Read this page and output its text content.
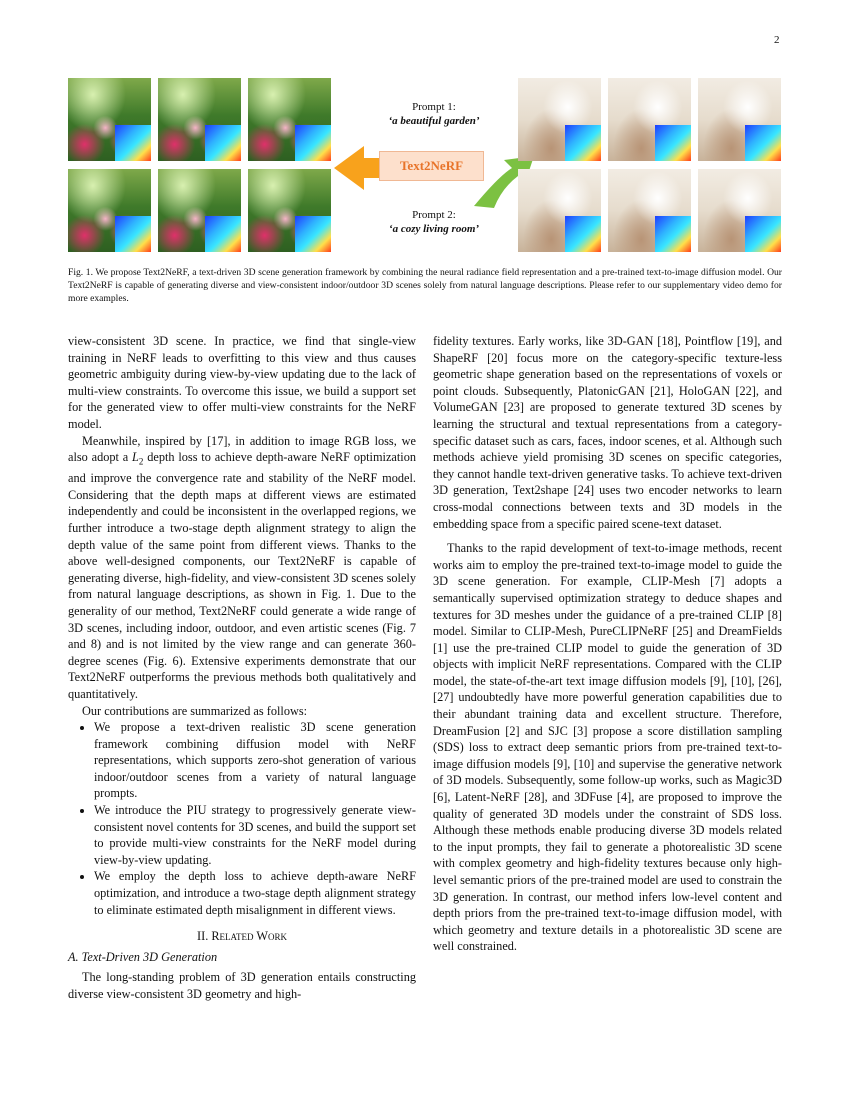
2
Prompt 1:
‘a beautiful garden’
Text2NeRF
Prompt 2:
‘a cozy living room’
Fig. 1. We propose Text2NeRF, a text-driven 3D scene generation framework by combining the neural radiance field representation and a pre-trained text-to-image diffusion model. Our Text2NeRF is capable of generating diverse and view-consistent indoor/outdoor 3D scenes solely from natural language descriptions. Please refer to our supplementary video demo for more examples.

view-consistent 3D scene. In practice, we find that single-view training in NeRF leads to overfitting to this view and thus causes geometric ambiguity during view-by-view updating due to the lack of multi-view constraints. To overcome this issue, we build a support set for the generated view to offer multi-view constraints for the NeRF model.

Meanwhile, inspired by [17], in addition to image RGB loss, we also adopt a $L_2$ depth loss to achieve depth-aware NeRF optimization and improve the convergence rate and stability of the NeRF model. Considering that the depth maps at different views are estimated independently and could be inconsistent in the overlapped regions, we further introduce a two-stage depth alignment strategy to align the depth value of the same point from different views. Thanks to the above well-designed components, our Text2NeRF is capable of generating diverse, high-fidelity, and view-consistent 3D scenes solely from natural language descriptions, as shown in Fig. 1. Due to the generality of our method, Text2NeRF could generate a wide range of 3D scenes, including indoor, outdoor, and even artistic scenes (Fig. 7 and 8) and is not limited by the view range and can generate 360-degree scenes (Fig. 6). Extensive experiments demonstrate that our Text2NeRF outperforms the previous methods both qualitatively and quantitatively.

Our contributions are summarized as follows:

• We propose a text-driven realistic 3D scene generation framework combining diffusion model with NeRF representations, which supports zero-shot generation of various indoor/outdoor scenes from a variety of natural language prompts.
• We introduce the PIU strategy to progressively generate view-consistent novel contents for 3D scenes, and build the support set to provide multi-view constraints for the NeRF model during view-by-view updating.
• We employ the depth loss to achieve depth-aware NeRF optimization, and introduce a two-stage depth alignment strategy to eliminate estimated depth misalignment in different views.
II. Related Work
A. Text-Driven 3D Generation

The long-standing problem of 3D generation entails constructing diverse view-consistent 3D geometry and high-

fidelity textures. Early works, like 3D-GAN [18], Pointflow [19], and ShapeRF [20] focus more on the category-specific texture-less geometric shape generation based on the representations of voxels or point clouds. Subsequently, PlatonicGAN [21], HoloGAN [22], and VolumeGAN [23] are proposed to generate textured 3D scenes by learning the structural and textual representations from a category-specific dataset such as cars, faces, indoor scenes, et al. Although such methods achieve yield promising 3D scenes on specific categories, they cannot handle text-driven generative tasks. To achieve text-driven 3D generation, Text2shape [24] uses two encoder networks to learn cross-modal connections between texts and 3D models in the embedding space from a specific paired scene-text dataset.

Thanks to the rapid development of text-to-image methods, recent works aim to employ the pre-trained text-to-image model to guide the 3D scene generation. For example, CLIP-Mesh [7] adopts a semantically supervised optimization strategy to deduce shapes and textures for 3D meshes under the guidance of a pre-trained CLIP [8] model. Similar to CLIP-Mesh, PureCLIPNeRF [25] and DreamFields [1] use the pre-trained CLIP model to guide the generation of 3D objects with implicit NeRF representations. Compared with the CLIP model, the state-of-the-art text image diffusion models [9], [10], [26], [27] undoubtedly have more powerful generation capabilities due to their abundant training data and excellent structure. Therefore, DreamFusion [2] and SJC [3] propose a score distillation sampling (SDS) loss to extract deep semantic priors from pre-trained text-to-image diffusion models [9], [10] and supervise the generative network of 3D models. Subsequently, some follow-up works, such as Magic3D [6], Latent-NeRF [28], and 3DFuse [4], are proposed to improve the quality of generated 3D models under the constraint of SDS loss. Although these methods enable producing diverse 3D models related to the input prompts, they fail to generate a photorealistic 3D scene with complex geometry and high-fidelity textures because only high-level semantic priors of the pre-trained model are used to constrain the 3D generation. In contrast, our method infers low-level content and depth priors from the pre-trained text-to-image diffusion model, with which geometry and texture details in a photorealistic 3D scene are well constrained.
